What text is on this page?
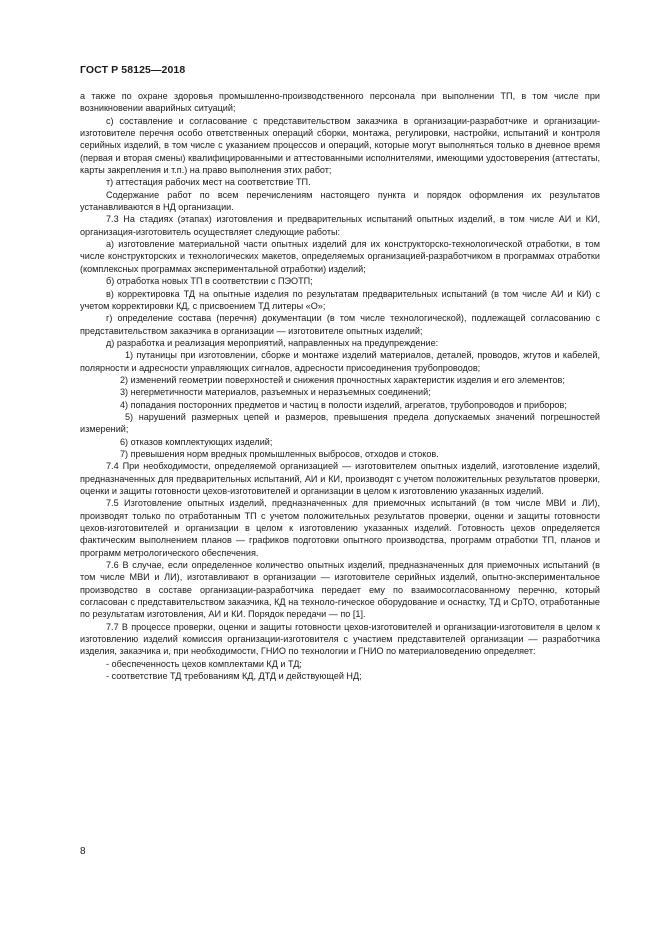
ГОСТ Р 58125—2018

а также по охране здоровья промышленно-производственного персонала при выполнении ТП, в том числе при возникновении аварийных ситуаций;

с) составление и согласование с представительством заказчика в организации-разработчике и организации-изготовителе перечня особо ответственных операций сборки, монтажа, регулировки, настройки, испытаний и контроля серийных изделий, в том числе с указанием процессов и операций, которые могут выполняться только в дневное время (первая и вторая смены) квалифицированными и аттестованными исполнителями, имеющими удостоверения (аттестаты, карты закрепления и т.п.) на право выполнения этих работ;

т) аттестация рабочих мест на соответствие ТП.

Содержание работ по всем перечислениям настоящего пункта и порядок оформления их результатов устанавливаются в НД организации.

7.3 На стадиях (этапах) изготовления и предварительных испытаний опытных изделий, в том числе АИ и КИ, организация-изготовитель осуществляет следующие работы:

а) изготовление материальной части опытных изделий для их конструкторско-технологической отработки, в том числе конструкторских и технологических макетов, определяемых организацией-разработчиком в программах отработки (комплексных программах экспериментальной отработки) изделий;

б) отработка новых ТП в соответствии с ПЭОТП;

в) корректировка ТД на опытные изделия по результатам предварительных испытаний (в том числе АИ и КИ) с учетом корректировки КД, с присвоением ТД литеры «О»;

г) определение состава (перечня) документации (в том числе технологической), подлежащей согласованию с представительством заказчика в организации — изготовителе опытных изделий;

д) разработка и реализация мероприятий, направленных на предупреждение:

1) путаницы при изготовлении, сборке и монтаже изделий материалов, деталей, проводов, жгутов и кабелей, полярности и адресности управляющих сигналов, адресности присоединения трубопроводов;

2) изменений геометрии поверхностей и снижения прочностных характеристик изделия и его элементов;

3) негерметичности материалов, разъемных и неразъемных соединений;

4) попадания посторонних предметов и частиц в полости изделий, агрегатов, трубопроводов и приборов;

5) нарушений размерных цепей и размеров, превышения предела допускаемых значений погрешностей измерений;

6) отказов комплектующих изделий;

7) превышения норм вредных промышленных выбросов, отходов и стоков.

7.4 При необходимости, определяемой организацией — изготовителем опытных изделий, изготовление изделий, предназначенных для предварительных испытаний, АИ и КИ, производят с учетом положительных результатов проверки, оценки и защиты готовности цехов-изготовителей и организации в целом к изготовлению указанных изделий.

7.5 Изготовление опытных изделий, предназначенных для приемочных испытаний (в том числе МВИ и ЛИ), производят только по отработанным ТП с учетом положительных результатов проверки, оценки и защиты готовности цехов-изготовителей и организации в целом к изготовлению указанных изделий. Готовность цехов определяется фактическим выполнением планов — графиков подготовки опытного производства, программ отработки ТП, планов и программ метрологического обеспечения.

7.6 В случае, если определенное количество опытных изделий, предназначенных для приемочных испытаний (в том числе МВИ и ЛИ), изготавливают в организации — изготовителе серийных изделий, опытно-экспериментальное производство в составе организации-разработчика передает ему по взаимосогласованному перечню, который согласован с представительством заказчика, КД на техноло-гическое оборудование и оснастку, ТД и СрТО, отработанные по результатам изготовления, АИ и КИ. Порядок передачи — по [1].

7.7 В процессе проверки, оценки и защиты готовности цехов-изготовителей и организации-изготовителя в целом к изготовлению изделий комиссия организации-изготовителя с участием представителей организации — разработчика изделия, заказчика и, при необходимости, ГНИО по технологии и ГНИО по материаловедению определяет:

- обеспеченность цехов комплектами КД и ТД;

- соответствие ТД требованиям КД, ДТД и действующей НД;

8
